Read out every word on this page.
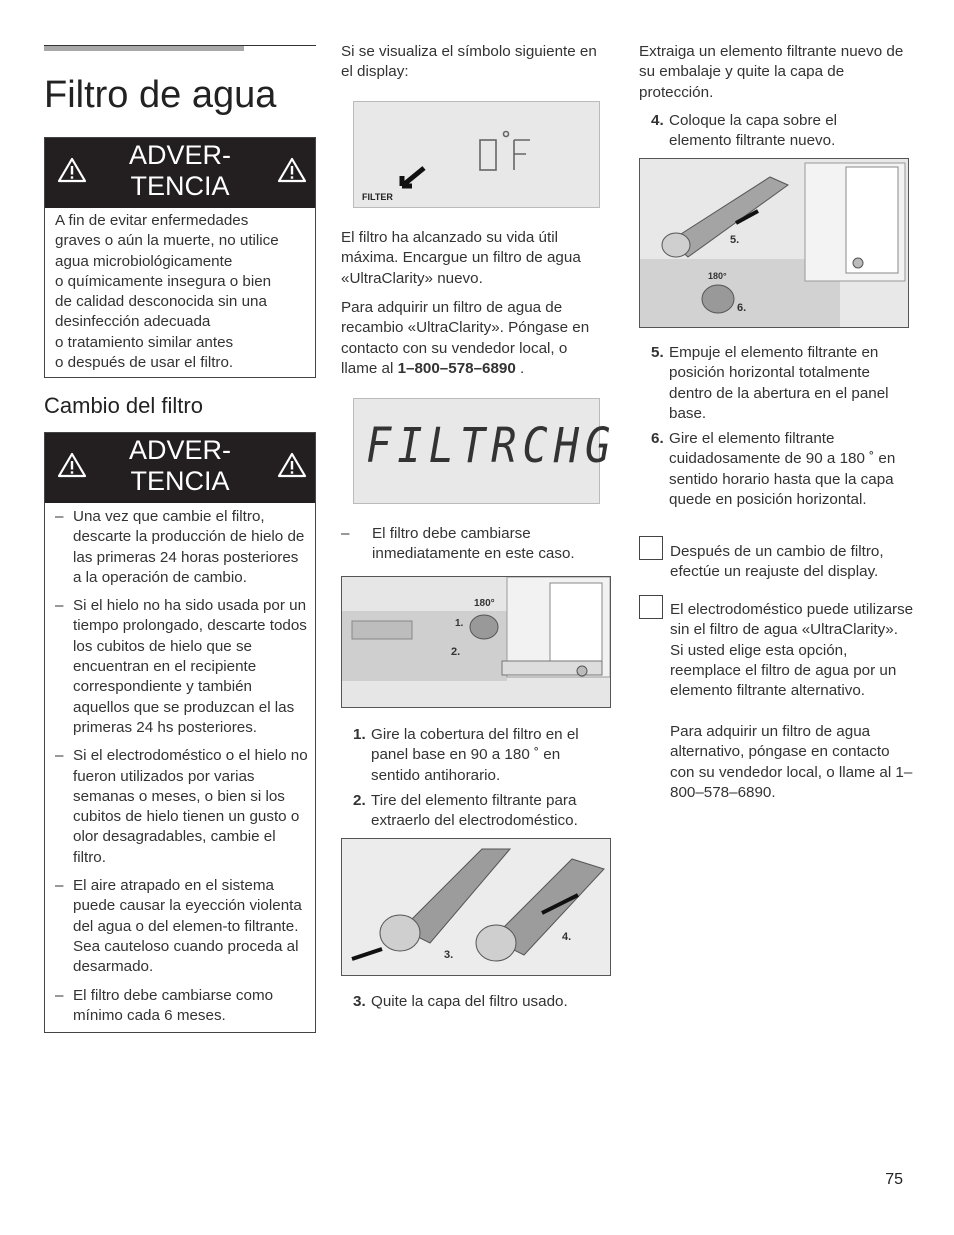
Filtro de agua
ADVER-
TENCIA

A fin de evitar enfermedades

graves o aún la muerte, no utilice

agua microbiológicamente

o químicamente insegura o bien

de calidad desconocida sin una

desinfección adecuada

o tratamiento similar antes

o después de usar el filtro.

Cambio del filtro
ADVER-
TENCIA
– Una vez que cambie el filtro, descarte la producción de hielo de las primeras 24 horas posteriores a la operación de cambio.
– Si el hielo no ha sido usada por un tiempo prolongado, descarte todos los cubitos de hielo que se encuentran en el recipiente correspondiente y también aquellos que se produzcan el las primeras 24 hs posteriores.
– Si el electrodoméstico o el hielo no fueron utilizados por varias semanas o meses, o bien si los cubitos de hielo tienen un gusto o olor desagradables, cambie el filtro.
– El aire atrapado en el sistema puede causar la eyección violenta del agua o del elemen-to filtrante. Sea cauteloso cuando proceda al desarmado.
– El filtro debe cambiarse como mínimo cada 6 meses.

Si se visualiza el símbolo siguiente en el display:

FILTER

El filtro ha alcanzado su vida útil máxima. Encargue un filtro de agua «UltraClarity» nuevo.

Para adquirir un filtro de agua de recambio «UltraClarity». Póngase en contacto con su vendedor local, o llame al 1–800–578–6890 .

FILTRCHG
– El filtro debe cambiarse inmediatamente en este caso.

180°
1.
2.
1. Gire la cobertura del filtro en el panel base en 90 a 180 ˚ en sentido antihorario.
2. Tire del elemento filtrante para extraerlo del electrodoméstico.
3.
4.
3. Quite la capa del filtro usado.

Extraiga un elemento filtrante nuevo de su embalaje y quite la capa de protección.

4. Coloque la capa sobre el elemento filtrante nuevo.
5.
6.
180°
5. Empuje el elemento filtrante en posición horizontal totalmente dentro de la abertura en el panel base.
6. Gire el elemento filtrante cuidadosamente de 90 a 180 ˚ en sentido horario hasta que la capa quede en posición horizontal.

Después de un cambio de filtro, efectúe un reajuste del display.

El electrodoméstico puede utilizarse sin el filtro de agua «UltraClarity». Si usted elige esta opción, reemplace el filtro de agua por un elemento filtrante alternativo.

Para adquirir un filtro de agua alternativo, póngase en contacto con su vendedor local, o llame al 1–800–578–6890.

75
